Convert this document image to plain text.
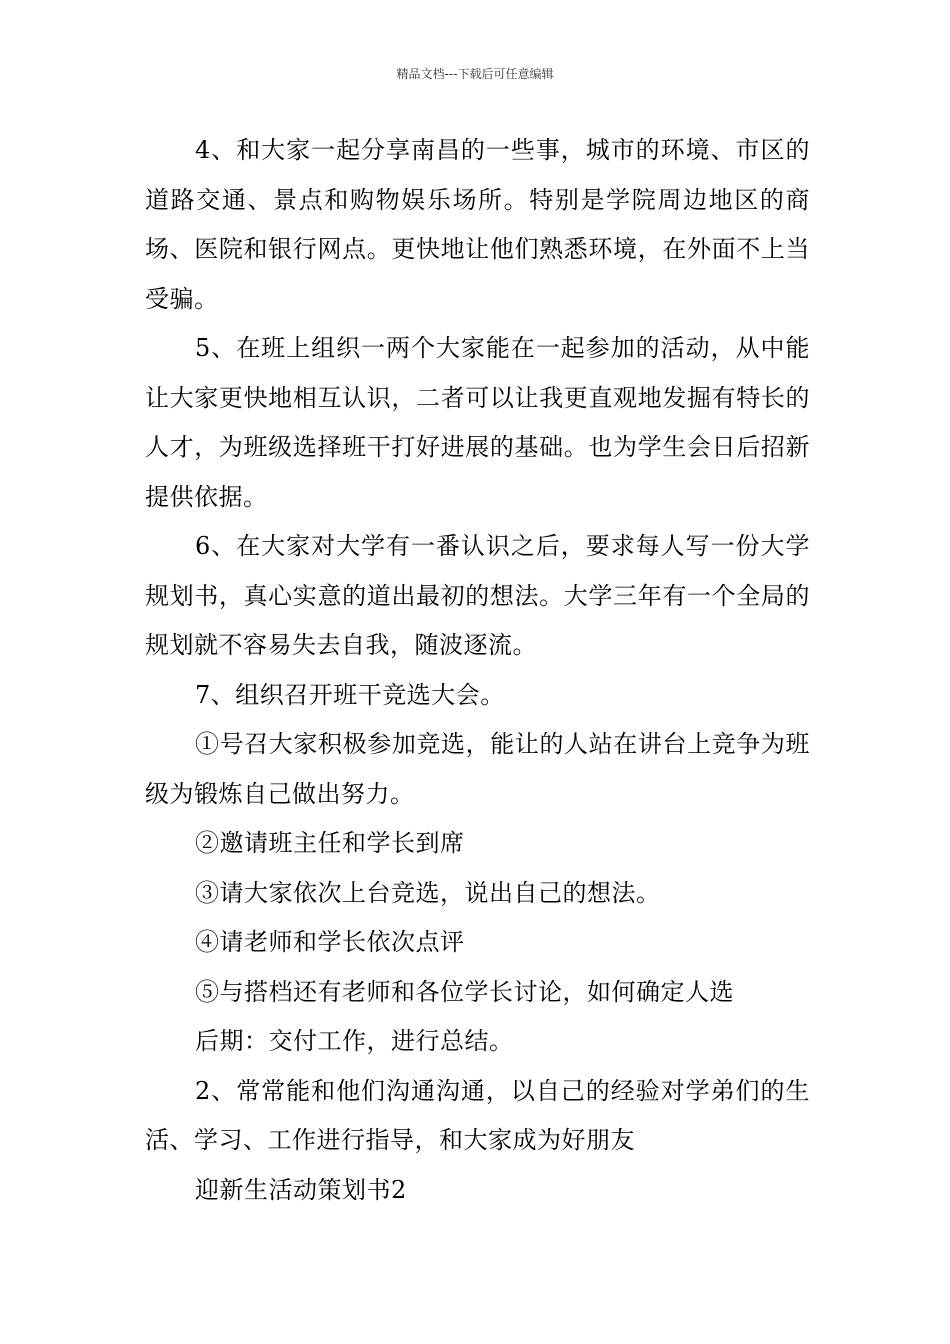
精品文档---下载后可任意编辑

4、和大家一起分享南昌的一些事，城市的环境、市区的道路交通、景点和购物娱乐场所。特别是学院周边地区的商场、医院和银行网点。更快地让他们熟悉环境，在外面不上当受骗。

5、在班上组织一两个大家能在一起参加的活动，从中能让大家更快地相互认识，二者可以让我更直观地发掘有特长的人才，为班级选择班干打好进展的基础。也为学生会日后招新提供依据。

6、在大家对大学有一番认识之后，要求每人写一份大学规划书，真心实意的道出最初的想法。大学三年有一个全局的规划就不容易失去自我，随波逐流。

7、组织召开班干竞选大会。

①号召大家积极参加竞选，能让的人站在讲台上竞争为班级为锻炼自己做出努力。

②邀请班主任和学长到席

③请大家依次上台竞选，说出自己的想法。

④请老师和学长依次点评

⑤与搭档还有老师和各位学长讨论，如何确定人选

后期：交付工作，进行总结。

2、常常能和他们沟通沟通，以自己的经验对学弟们的生活、学习、工作进行指导，和大家成为好朋友

迎新生活动策划书2
